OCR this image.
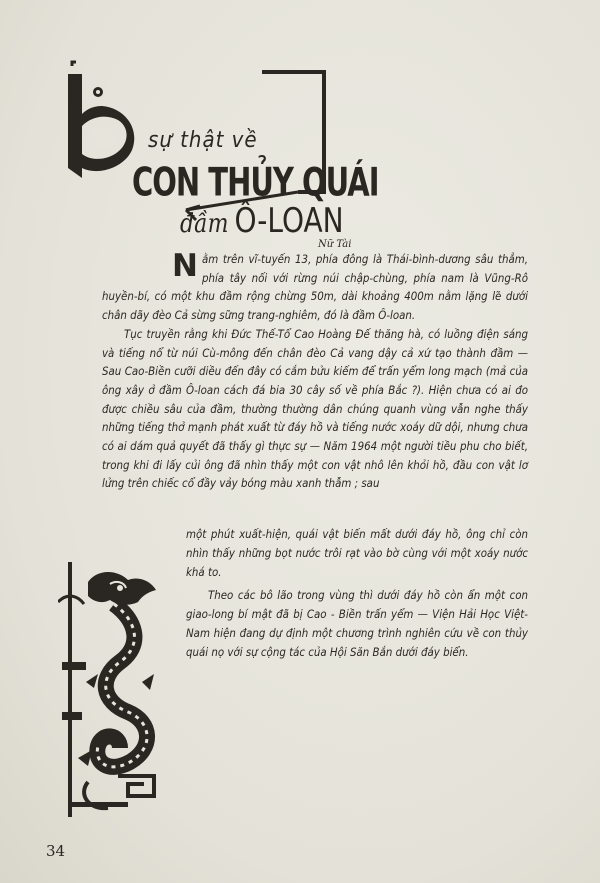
sự thật về
CON THỦY QUÁI
đầm Ô-LOAN
Nữ Tài

Nằm trên vĩ-tuyến 13, phía đông là Thái-bình-dương sâu thẳm, phía tây nối với rừng núi chập-chùng, phía nam là Vũng-Rô huyền-bí, có một khu đầm rộng chừng 50m, dài khoảng 400m nằm lặng lẽ dưới chân dãy đèo Cả sừng sững trang-nghiêm, đó là đầm Ô-loan.

Tục truyền rằng khi Đức Thế-Tổ Cao Hoàng Đế thăng hà, có luồng điện sáng và tiếng nổ từ núi Cù-mông đến chân đèo Cả vang dậy cả xứ tạo thành đầm — Sau Cao-Biền cưỡi diều đến đây có cắm bửu kiếm để trấn yểm long mạch (mả của ông xây ở đầm Ô-loan cách đá bia 30 cây số về phía Bắc ?). Hiện chưa có ai đo được chiều sâu của đầm, thường thường dân chúng quanh vùng vẫn nghe thấy những tiếng thở mạnh phát xuất từ đáy hồ và tiếng nước xoáy dữ dội, nhưng chưa có ai dám quả quyết đã thấy gì thực sự — Năm 1964 một người tiều phu cho biết, trong khi đi lấy củi ông đã nhìn thấy một con vật nhô lên khỏi hồ, đầu con vật lơ lửng trên chiếc cổ đầy vảy bóng màu xanh thẫm ; sau

một phút xuất-hiện, quái vật biến mất dưới đáy hồ, ông chỉ còn nhìn thấy những bọt nước trôi rạt vào bờ cùng với một xoáy nước khá to.

Theo các bô lão trong vùng thì dưới đáy hồ còn ẩn một con giao-long bí mật đã bị Cao - Biền trấn yểm — Viện Hải Học Việt-Nam hiện đang dự định một chương trình nghiên cứu về con thủy quái nọ với sự cộng tác của Hội Săn Bắn dưới đáy biển.

34
